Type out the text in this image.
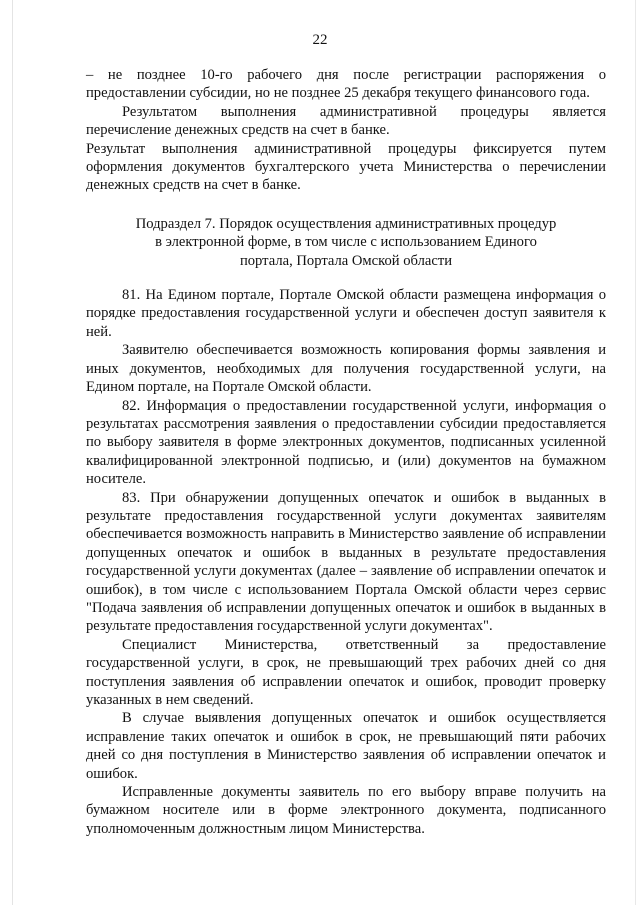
22

– не позднее 10-го рабочего дня после регистрации распоряжения о предоставлении субсидии, но не позднее 25 декабря текущего финансового года.

Результатом выполнения административной процедуры является перечисление денежных средств на счет в банке.

Результат выполнения административной процедуры фиксируется путем оформления документов бухгалтерского учета Министерства о перечислении денежных средств на счет в банке.

Подраздел 7. Порядок осуществления административных процедур

в электронной форме, в том числе с использованием Единого

портала, Портала Омской области

81. На Едином портале, Портале Омской области размещена информация о порядке предоставления государственной услуги и обеспечен доступ заявителя к ней.

Заявителю обеспечивается возможность копирования формы заявления и иных документов, необходимых для получения государственной услуги, на Едином портале, на Портале Омской области.

82. Информация о предоставлении государственной услуги, информация о результатах рассмотрения заявления о предоставлении субсидии предоставляется по выбору заявителя в форме электронных документов, подписанных усиленной квалифицированной электронной подписью, и (или) документов на бумажном носителе.

83. При обнаружении допущенных опечаток и ошибок в выданных в результате предоставления государственной услуги документах заявителям обеспечивается возможность направить в Министерство заявление об исправлении допущенных опечаток и ошибок в выданных в результате предоставления государственной услуги документах (далее – заявление об исправлении опечаток и ошибок), в том числе с использованием Портала Омской области через сервис "Подача заявления об исправлении допущенных опечаток и ошибок в выданных в результате предоставления государственной услуги документах".

Специалист Министерства, ответственный за предоставление государственной услуги, в срок, не превышающий трех рабочих дней со дня поступления заявления об исправлении опечаток и ошибок, проводит проверку указанных в нем сведений.

В случае выявления допущенных опечаток и ошибок осуществляется исправление таких опечаток и ошибок в срок, не превышающий пяти рабочих дней со дня поступления в Министерство заявления об исправлении опечаток и ошибок.

Исправленные документы заявитель по его выбору вправе получить на бумажном носителе или в форме электронного документа, подписанного уполномоченным должностным лицом Министерства.
